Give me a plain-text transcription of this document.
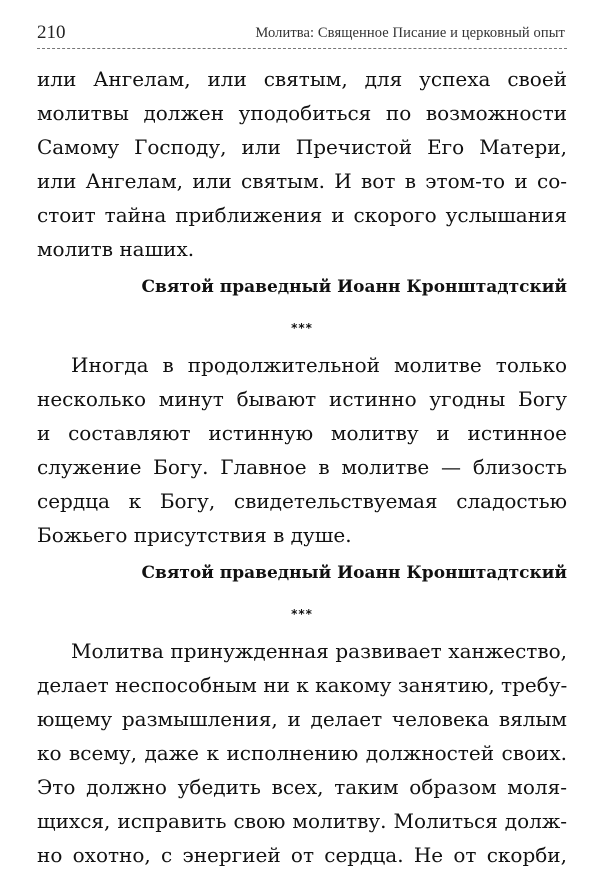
210	Молитва: Священное Писание и церковный опыт
или Ангелам, или святым, для успеха своей
молитвы должен уподобиться по возможности
Самому Господу, или Пречистой Его Матери,
или Ангелам, или святым. И вот в этом-то и со-
стоит тайна приближения и скорого услышания
молитв наших.
Святой праведный Иоанн Кронштадтский
***
Иногда в продолжительной молитве только
несколько минут бывают истинно угодны Богу
и составляют истинную молитву и истинное
служение Богу. Главное в молитве — близость
сердца к Богу, свидетельствуемая сладостью
Божьего присутствия в душе.
Святой праведный Иоанн Кронштадтский
***
Молитва принужденная развивает ханжество,
делает неспособным ни к какому занятию, требу-
ющему размышления, и делает человека вялым
ко всему, даже к исполнению должностей своих.
Это должно убедить всех, таким образом моля-
щихся, исправить свою молитву. Молиться долж-
но охотно, с энергией от сердца. Не от скорби,
